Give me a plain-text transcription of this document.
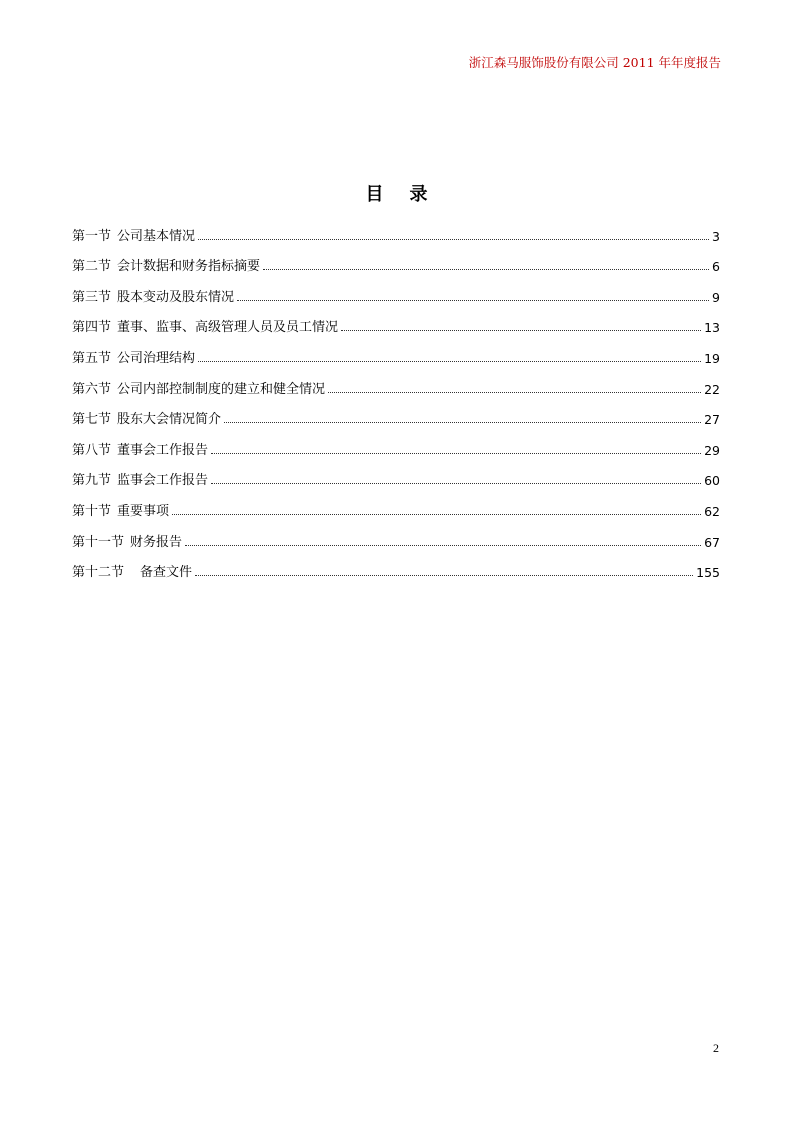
浙江森马服饰股份有限公司 2011 年年度报告
目 录
第一节 公司基本情况	3
第二节 会计数据和财务指标摘要	6
第三节 股本变动及股东情况	9
第四节 董事、监事、高级管理人员及员工情况	13
第五节 公司治理结构	19
第六节 公司内部控制制度的建立和健全情况	22
第七节 股东大会情况简介	27
第八节 董事会工作报告	29
第九节 监事会工作报告	60
第十节 重要事项	62
第十一节 财务报告	67
第十二节	备查文件	155
2
